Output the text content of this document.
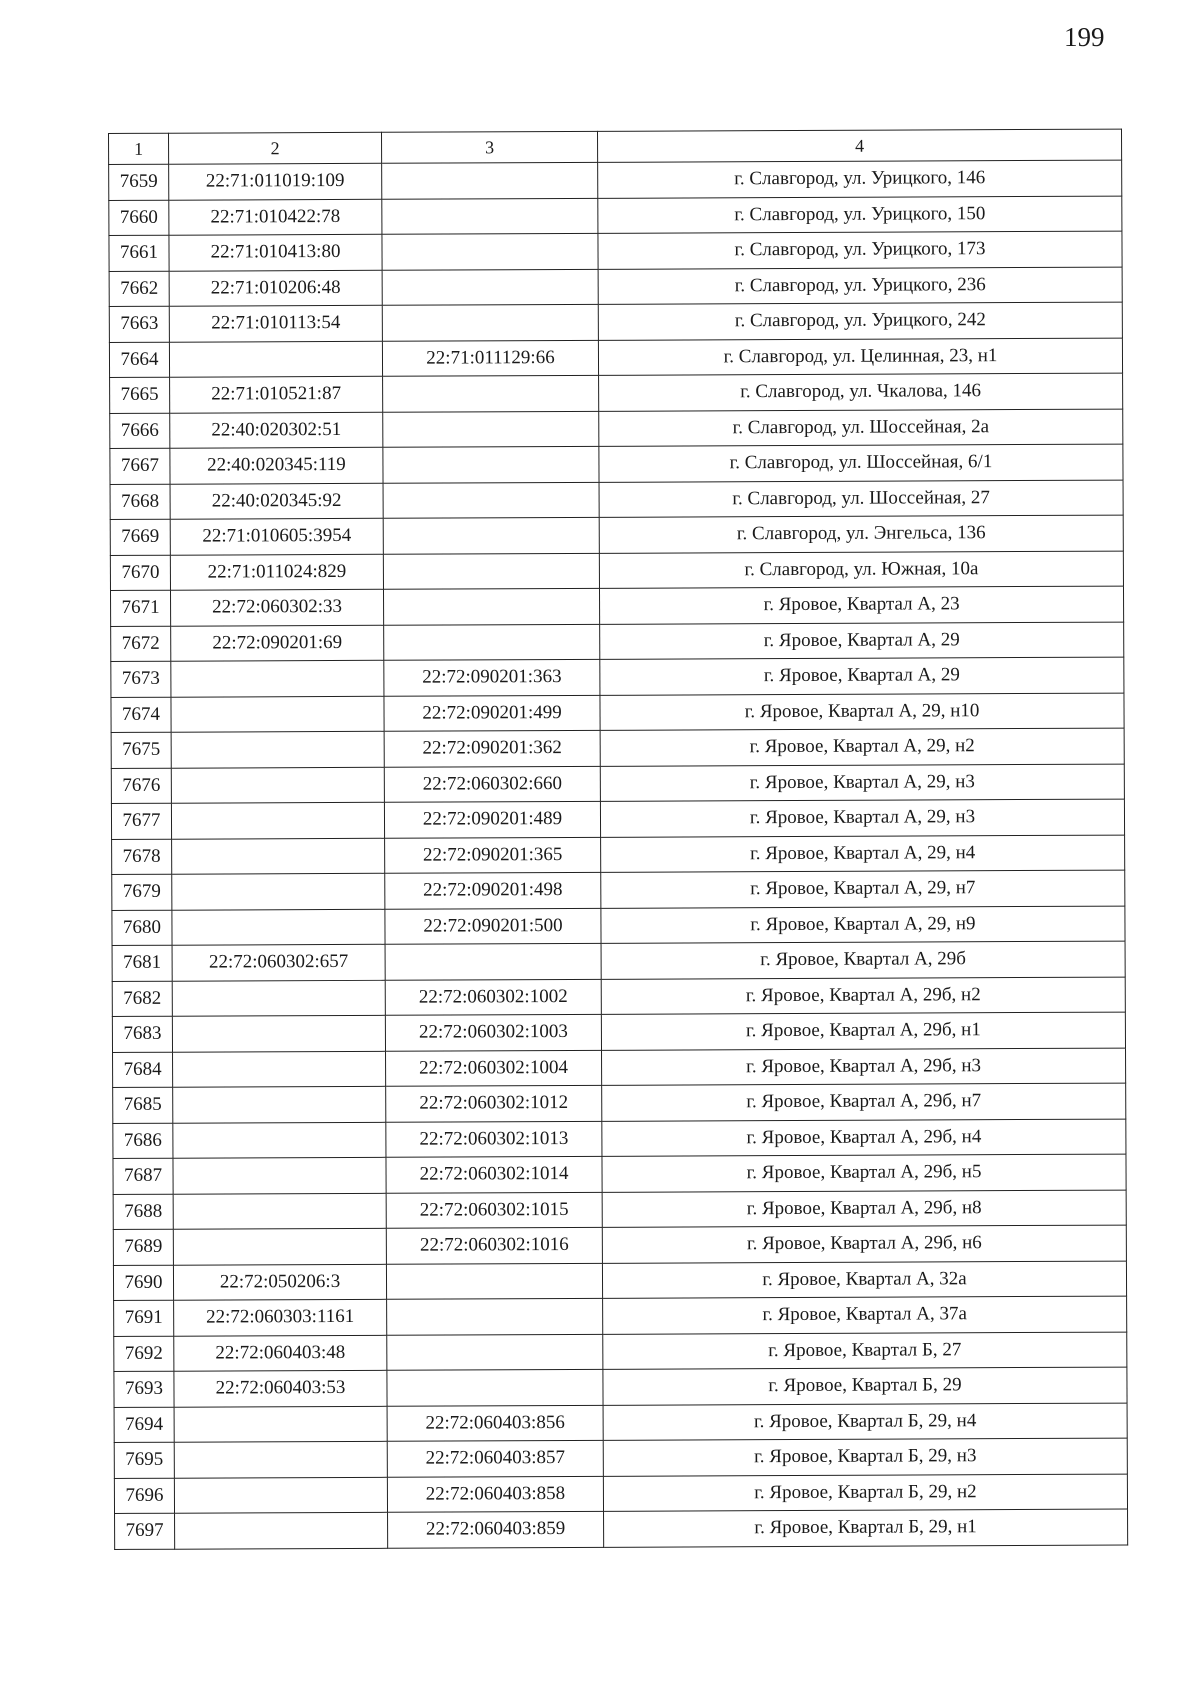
199
1	2	3	4
7659	22:71:011019:109		г. Славгород, ул. Урицкого, 146
7660	22:71:010422:78		г. Славгород, ул. Урицкого, 150
7661	22:71:010413:80		г. Славгород, ул. Урицкого, 173
7662	22:71:010206:48		г. Славгород, ул. Урицкого, 236
7663	22:71:010113:54		г. Славгород, ул. Урицкого, 242
7664		22:71:011129:66	г. Славгород, ул. Целинная, 23, н1
7665	22:71:010521:87		г. Славгород, ул. Чкалова, 146
7666	22:40:020302:51		г. Славгород, ул. Шоссейная, 2а
7667	22:40:020345:119		г. Славгород, ул. Шоссейная, 6/1
7668	22:40:020345:92		г. Славгород, ул. Шоссейная, 27
7669	22:71:010605:3954		г. Славгород, ул. Энгельса, 136
7670	22:71:011024:829		г. Славгород, ул. Южная, 10а
7671	22:72:060302:33		г. Яровое, Квартал А, 23
7672	22:72:090201:69		г. Яровое, Квартал А, 29
7673		22:72:090201:363	г. Яровое, Квартал А, 29
7674		22:72:090201:499	г. Яровое, Квартал А, 29, н10
7675		22:72:090201:362	г. Яровое, Квартал А, 29, н2
7676		22:72:060302:660	г. Яровое, Квартал А, 29, н3
7677		22:72:090201:489	г. Яровое, Квартал А, 29, н3
7678		22:72:090201:365	г. Яровое, Квартал А, 29, н4
7679		22:72:090201:498	г. Яровое, Квартал А, 29, н7
7680		22:72:090201:500	г. Яровое, Квартал А, 29, н9
7681	22:72:060302:657		г. Яровое, Квартал А, 29б
7682		22:72:060302:1002	г. Яровое, Квартал А, 29б, н2
7683		22:72:060302:1003	г. Яровое, Квартал А, 29б, н1
7684		22:72:060302:1004	г. Яровое, Квартал А, 29б, н3
7685		22:72:060302:1012	г. Яровое, Квартал А, 29б, н7
7686		22:72:060302:1013	г. Яровое, Квартал А, 29б, н4
7687		22:72:060302:1014	г. Яровое, Квартал А, 29б, н5
7688		22:72:060302:1015	г. Яровое, Квартал А, 29б, н8
7689		22:72:060302:1016	г. Яровое, Квартал А, 29б, н6
7690	22:72:050206:3		г. Яровое, Квартал А, 32а
7691	22:72:060303:1161		г. Яровое, Квартал А, 37а
7692	22:72:060403:48		г. Яровое, Квартал Б, 27
7693	22:72:060403:53		г. Яровое, Квартал Б, 29
7694		22:72:060403:856	г. Яровое, Квартал Б, 29, н4
7695		22:72:060403:857	г. Яровое, Квартал Б, 29, н3
7696		22:72:060403:858	г. Яровое, Квартал Б, 29, н2
7697		22:72:060403:859	г. Яровое, Квартал Б, 29, н1
